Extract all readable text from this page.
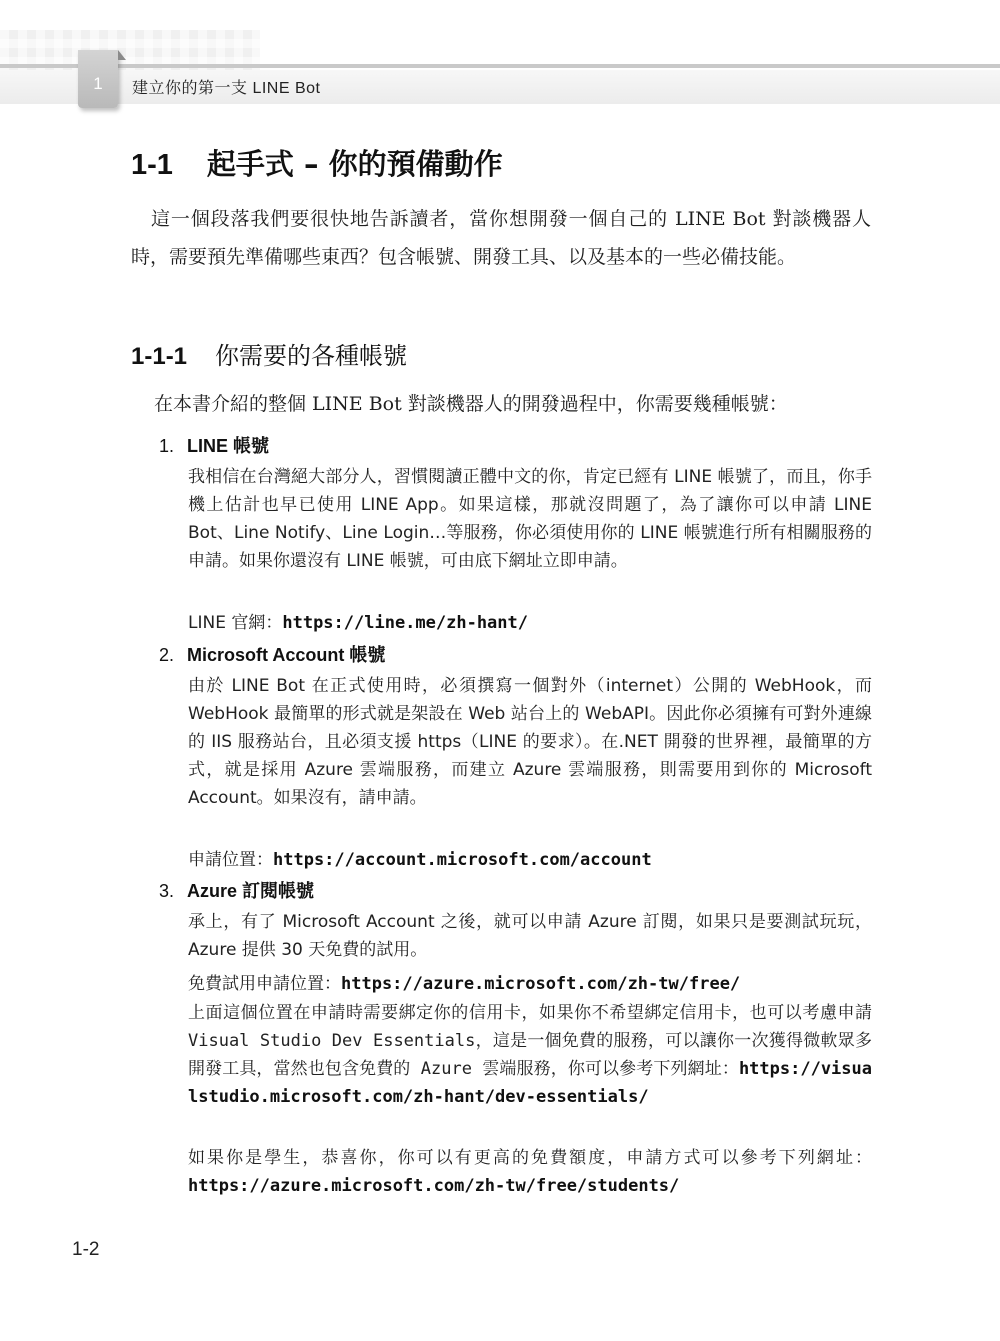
1	建立你的第一支 LINE Bot
1-1 起手式 – 你的預備動作
這一個段落我們要很快地告訴讀者，當你想開發一個自己的 LINE Bot 對談機器人時，需要預先準備哪些東西？包含帳號、開發工具、以及基本的一些必備技能。
1-1-1 你需要的各種帳號
在本書介紹的整個 LINE Bot 對談機器人的開發過程中，你需要幾種帳號：
1. LINE 帳號
我相信在台灣絕大部分人，習慣閱讀正體中文的你，肯定已經有 LINE 帳號了，而且，你手機上估計也早已使用 LINE App。如果這樣，那就沒問題了，為了讓你可以申請 LINE Bot、Line Notify、Line Login…等服務，你必須使用你的 LINE 帳號進行所有相關服務的申請。如果你還沒有 LINE 帳號，可由底下網址立即申請。
LINE 官網：https://line.me/zh-hant/
2. Microsoft Account 帳號
由於 LINE Bot 在正式使用時，必須撰寫一個對外（internet）公開的 WebHook，而 WebHook 最簡單的形式就是架設在 Web 站台上的 WebAPI。因此你必須擁有可對外連線的 IIS 服務站台，且必須支援 https（LINE 的要求）。在.NET 開發的世界裡，最簡單的方式，就是採用 Azure 雲端服務，而建立 Azure 雲端服務，則需要用到你的 Microsoft Account。如果沒有，請申請。
申請位置：https://account.microsoft.com/account
3. Azure 訂閱帳號
承上，有了 Microsoft Account 之後，就可以申請 Azure 訂閱，如果只是要測試玩玩，Azure 提供 30 天免費的試用。
免費試用申請位置：https://azure.microsoft.com/zh-tw/free/
上面這個位置在申請時需要綁定你的信用卡，如果你不希望綁定信用卡，也可以考慮申請 Visual Studio Dev Essentials，這是一個免費的服務，可以讓你一次獲得微軟眾多開發工具，當然也包含免費的 Azure 雲端服務，你可以參考下列網址：https://visualstudio.microsoft.com/zh-hant/dev-essentials/
如果你是學生，恭喜你，你可以有更高的免費額度，申請方式可以參考下列網址：https://azure.microsoft.com/zh-tw/free/students/
1-2
